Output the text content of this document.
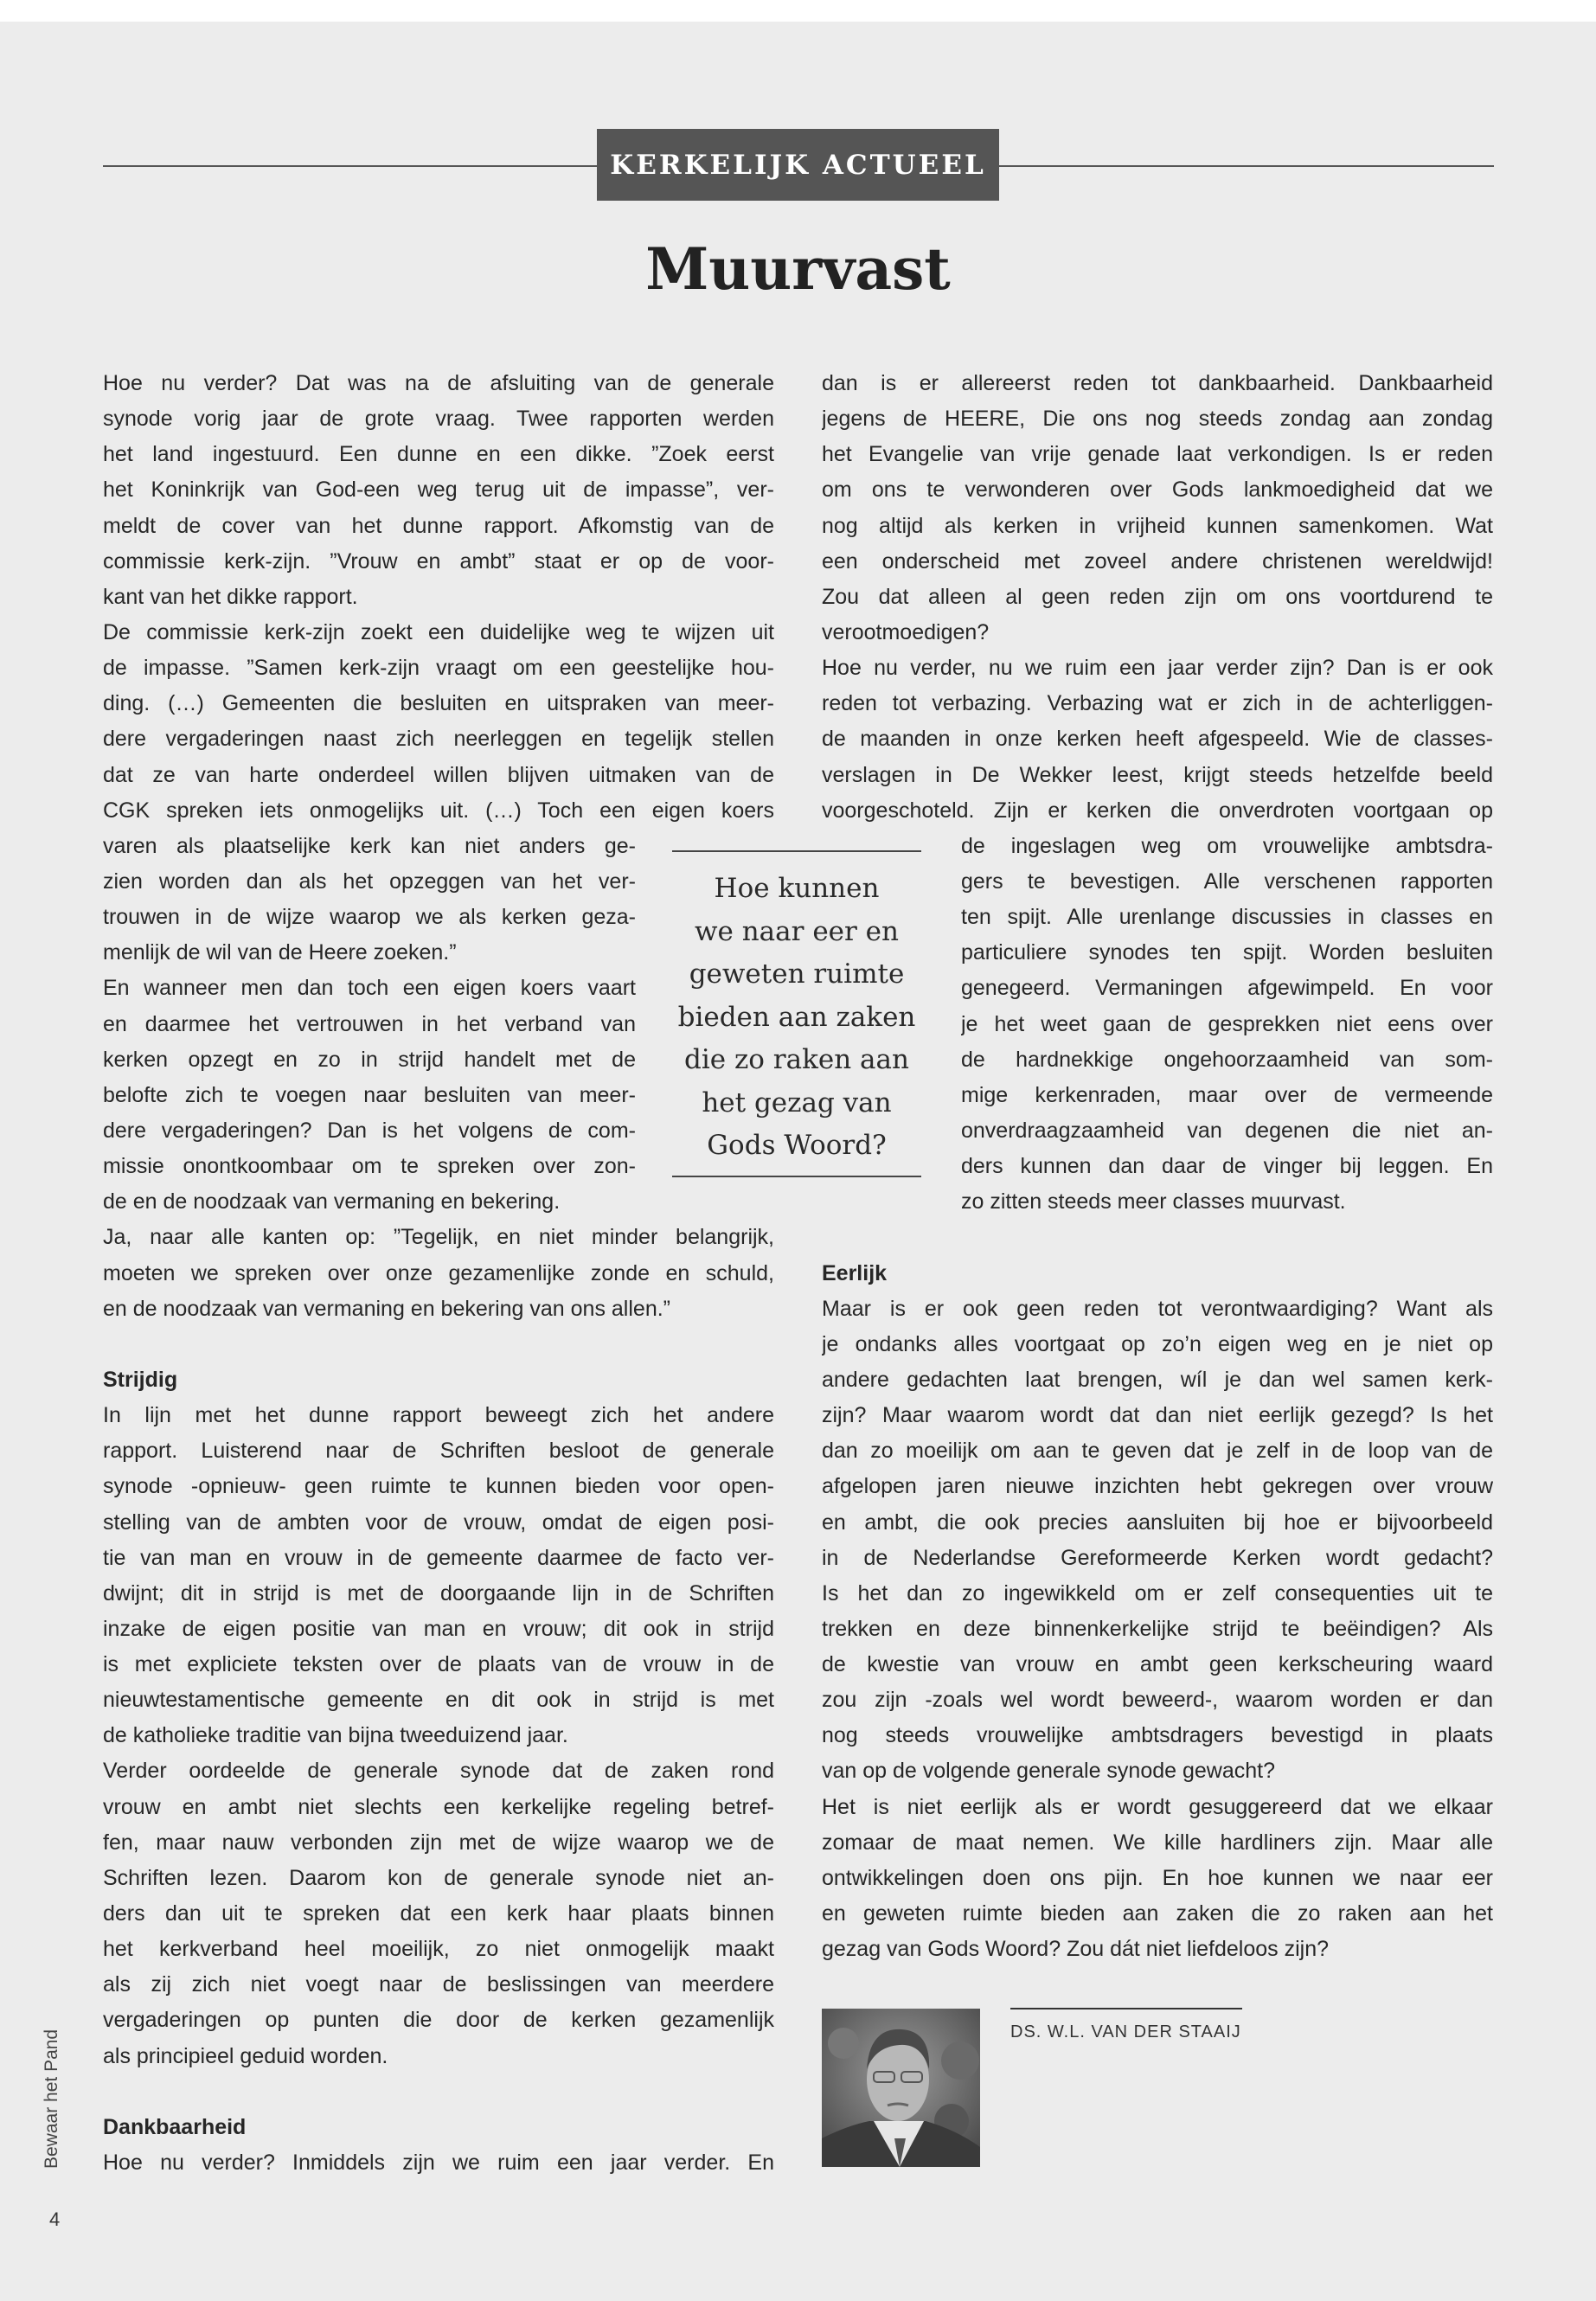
KERKELIJK ACTUEEL
Muurvast
Hoe nu verder? Dat was na de afsluiting van de generale
synode vorig jaar de grote vraag. Twee rapporten werden
het land ingestuurd. Een dunne en een dikke. ”Zoek eerst
het Koninkrijk van God-een weg terug uit de impasse”, ver-
meldt de cover van het dunne rapport. Afkomstig van de
commissie kerk-zijn. ”Vrouw en ambt” staat er op de voor-
kant van het dikke rapport.
De commissie kerk-zijn zoekt een duidelijke weg te wijzen uit
de impasse. ”Samen kerk-zijn vraagt om een geestelijke hou-
ding. (…) Gemeenten die besluiten en uitspraken van meer-
dere vergaderingen naast zich neerleggen en tegelijk stellen
dat ze van harte onderdeel willen blijven uitmaken van de
CGK spreken iets onmogelijks uit. (…) Toch een eigen koers
varen als plaatselijke kerk kan niet anders ge-
zien worden dan als het opzeggen van het ver-
trouwen in de wijze waarop we als kerken geza-
menlijk de wil van de Heere zoeken.”
En wanneer men dan toch een eigen koers vaart
en daarmee het vertrouwen in het verband van
kerken opzegt en zo in strijd handelt met de
belofte zich te voegen naar besluiten van meer-
dere vergaderingen? Dan is het volgens de com-
missie onontkoombaar om te spreken over zon-
de en de noodzaak van vermaning en bekering.
Ja, naar alle kanten op: ”Tegelijk, en niet minder belangrijk,
moeten we spreken over onze gezamenlijke zonde en schuld,
en de noodzaak van vermaning en bekering van ons allen.”
Strijdig
In lijn met het dunne rapport beweegt zich het andere
rapport. Luisterend naar de Schriften besloot de generale
synode -opnieuw- geen ruimte te kunnen bieden voor open-
stelling van de ambten voor de vrouw, omdat de eigen posi-
tie van man en vrouw in de gemeente daarmee de facto ver-
dwijnt; dit in strijd is met de doorgaande lijn in de Schriften
inzake de eigen positie van man en vrouw; dit ook in strijd
is met expliciete teksten over de plaats van de vrouw in de
nieuwtestamentische gemeente en dit ook in strijd is met
de katholieke traditie van bijna tweeduizend jaar.
Verder oordeelde de generale synode dat de zaken rond
vrouw en ambt niet slechts een kerkelijke regeling betref-
fen, maar nauw verbonden zijn met de wijze waarop we de
Schriften lezen. Daarom kon de generale synode niet an-
ders dan uit te spreken dat een kerk haar plaats binnen
het kerkverband heel moeilijk, zo niet onmogelijk maakt
als zij zich niet voegt naar de beslissingen van meerdere
vergaderingen op punten die door de kerken gezamenlijk
als principieel geduid worden.
Dankbaarheid
Hoe nu verder? Inmiddels zijn we ruim een jaar verder. En
dan is er allereerst reden tot dankbaarheid. Dankbaarheid
jegens de HEERE, Die ons nog steeds zondag aan zondag
het Evangelie van vrije genade laat verkondigen. Is er reden
om ons te verwonderen over Gods lankmoedigheid dat we
nog altijd als kerken in vrijheid kunnen samenkomen. Wat
een onderscheid met zoveel andere christenen wereldwijd!
Zou dat alleen al geen reden zijn om ons voortdurend te
verootmoedigen?
Hoe nu verder, nu we ruim een jaar verder zijn? Dan is er ook
reden tot verbazing. Verbazing wat er zich in de achterliggen-
de maanden in onze kerken heeft afgespeeld. Wie de classes-
verslagen in De Wekker leest, krijgt steeds hetzelfde beeld
voorgeschoteld. Zijn er kerken die onverdroten voortgaan op
de ingeslagen weg om vrouwelijke ambtsdra-
gers te bevestigen. Alle verschenen rapporten
ten spijt. Alle urenlange discussies in classes en
particuliere synodes ten spijt. Worden besluiten
genegeerd. Vermaningen afgewimpeld. En voor
je het weet gaan de gesprekken niet eens over
de hardnekkige ongehoorzaamheid van som-
mige kerkenraden, maar over de vermeende
onverdraagzaamheid van degenen die niet an-
ders kunnen dan daar de vinger bij leggen. En
zo zitten steeds meer classes muurvast.
Eerlijk
Maar is er ook geen reden tot verontwaardiging? Want als
je ondanks alles voortgaat op zo’n eigen weg en je niet op
andere gedachten laat brengen, wíl je dan wel samen kerk-
zijn? Maar waarom wordt dat dan niet eerlijk gezegd? Is het
dan zo moeilijk om aan te geven dat je zelf in de loop van de
afgelopen jaren nieuwe inzichten hebt gekregen over vrouw
en ambt, die ook precies aansluiten bij hoe er bijvoorbeeld
in de Nederlandse Gereformeerde Kerken wordt gedacht?
Is het dan zo ingewikkeld om er zelf consequenties uit te
trekken en deze binnenkerkelijke strijd te beëindigen? Als
de kwestie van vrouw en ambt geen kerkscheuring waard
zou zijn -zoals wel wordt beweerd-, waarom worden er dan
nog steeds vrouwelijke ambtsdragers bevestigd in plaats
van op de volgende generale synode gewacht?
Het is niet eerlijk als er wordt gesuggereerd dat we elkaar
zomaar de maat nemen. We kille hardliners zijn. Maar alle
ontwikkelingen doen ons pijn. En hoe kunnen we naar eer
en geweten ruimte bieden aan zaken die zo raken aan het
gezag van Gods Woord? Zou dát niet liefdeloos zijn?
Hoe kunnen
we naar eer en
geweten ruimte
bieden aan zaken
die zo raken aan
het gezag van
Gods Woord?
DS. W.L. VAN DER STAAIJ
Bewaar het Pand
4
